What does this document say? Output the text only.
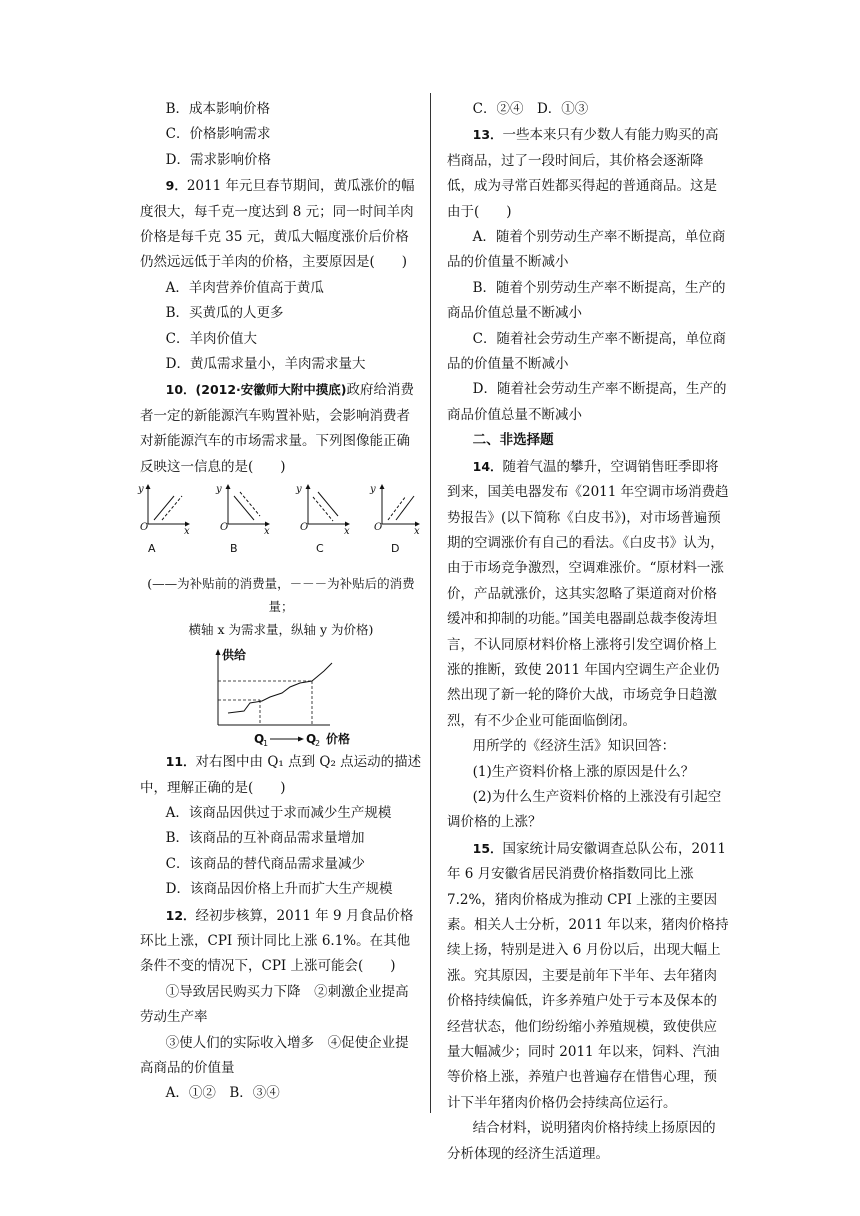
B．成本影响价格

C．价格影响需求

D．需求影响价格

9．2011 年元旦春节期间，黄瓜涨价的幅度很大，每千克一度达到 8 元；同一时间羊肉价格是每千克 35 元，黄瓜大幅度涨价后价格仍然远远低于羊肉的价格，主要原因是(　　)

A．羊肉营养价值高于黄瓜

B．买黄瓜的人更多

C．羊肉价值大

D．黄瓜需求量小，羊肉需求量大

10．(2012·安徽师大附中摸底)政府给消费者一定的新能源汽车购置补贴，会影响消费者对新能源汽车的市场需求量。下列图像能正确反映这一信息的是(　　)

y
O	x
y
O	x
y
O	x
y
O	x
A	B	C	D

(——为补贴前的消费量，－－－为补贴后的消费量；

横轴 x 为需求量，纵轴 y 为价格)

供给
Q
1	Q
2 价格

11．对右图中由 Q₁ 点到 Q₂ 点运动的描述中，理解正确的是(　　)

A．该商品因供过于求而减少生产规模

B．该商品的互补商品需求量增加

C．该商品的替代商品需求量减少

D．该商品因价格上升而扩大生产规模

12．经初步核算，2011 年 9 月食品价格环比上涨，CPI 预计同比上涨 6.1%。在其他条件不变的情况下，CPI 上涨可能会(　　)

①导致居民购买力下降　②刺激企业提高劳动生产率

③使人们的实际收入增多　④促使企业提高商品的价值量

A．①②　B．③④

C．②④　D．①③

13．一些本来只有少数人有能力购买的高档商品，过了一段时间后，其价格会逐渐降低，成为寻常百姓都买得起的普通商品。这是由于(　　)

A．随着个别劳动生产率不断提高，单位商品的价值量不断减小

B．随着个别劳动生产率不断提高，生产的商品价值总量不断减小

C．随着社会劳动生产率不断提高，单位商品的价值量不断减小

D．随着社会劳动生产率不断提高，生产的商品价值总量不断减小

二、非选择题

14．随着气温的攀升，空调销售旺季即将到来，国美电器发布《2011 年空调市场消费趋势报告》(以下简称《白皮书》)，对市场普遍预期的空调涨价有自己的看法。《白皮书》认为，由于市场竞争激烈，空调难涨价。“原材料一涨价，产品就涨价，这其实忽略了渠道商对价格缓冲和抑制的功能。”国美电器副总裁李俊涛坦言，不认同原材料价格上涨将引发空调价格上涨的推断，致使 2011 年国内空调生产企业仍然出现了新一轮的降价大战，市场竞争日趋激烈，有不少企业可能面临倒闭。

用所学的《经济生活》知识回答：

(1)生产资料价格上涨的原因是什么？

(2)为什么生产资料价格的上涨没有引起空调价格的上涨？

15．国家统计局安徽调查总队公布，2011 年 6 月安徽省居民消费价格指数同比上涨 7.2%，猪肉价格成为推动 CPI 上涨的主要因素。相关人士分析，2011 年以来，猪肉价格持续上扬，特别是进入 6 月份以后，出现大幅上涨。究其原因，主要是前年下半年、去年猪肉价格持续偏低，许多养殖户处于亏本及保本的经营状态，他们纷纷缩小养殖规模，致使供应量大幅减少；同时 2011 年以来，饲料、汽油等价格上涨，养殖户也普遍存在惜售心理，预计下半年猪肉价格仍会持续高位运行。

结合材料，说明猪肉价格持续上扬原因的分析体现的经济生活道理。
